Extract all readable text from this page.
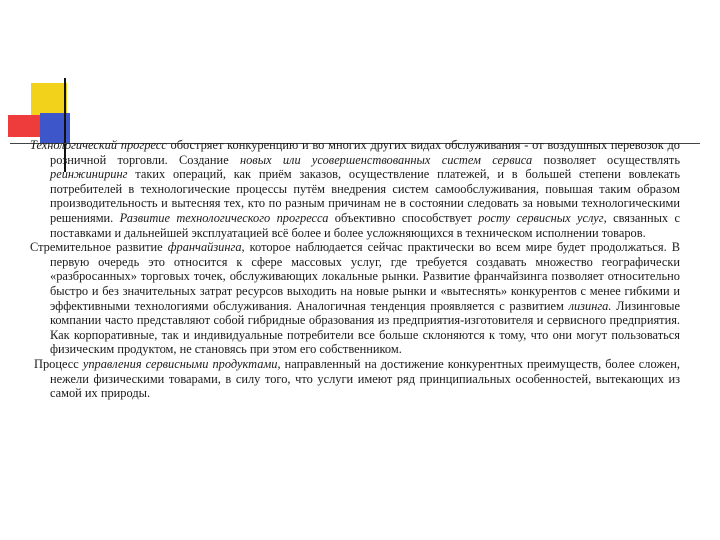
Технологический прогресс обостряет конкуренцию и во многих других видах обслуживания - от воздушных перевозок до розничной торговли. Создание новых или усовершенствованных систем сервиса позволяет осуществлять реинжиниринг таких операций, как приём заказов, осуществление платежей, и в большей степени вовлекать потребителей в технологические процессы путём внедрения систем самообслуживания, повышая таким образом производительность и вытесняя тех, кто по разным причинам не в состоянии следовать за новыми технологическими решениями. Развитие технологического прогресса объективно способствует росту сервисных услуг, связанных с поставками и дальнейшей эксплуатацией всё более и более усложняющихся в техническом исполнении товаров.

Стремительное развитие франчайзинга, которое наблюдается сейчас практически во всем мире будет продолжаться. В первую очередь это относится к сфере массовых услуг, где требуется создавать множество географически «разбросанных» торговых точек, обслуживающих локальные рынки. Развитие франчайзинга позволяет относительно быстро и без значительных затрат ресурсов выходить на новые рынки и «вытеснять» конкурентов с менее гибкими и эффективными технологиями обслуживания. Аналогичная тенденция проявляется с развитием лизинга. Лизинговые компании часто представляют собой гибридные образования из предприятия-изготовителя и сервисного предприятия. Как корпоративные, так и индивидуальные потребители все больше склоняются к тому, что они могут пользоваться физическим продуктом, не становясь при этом его собственником.

Процесс управления сервисными продуктами, направленный на достижение конкурентных преимуществ, более сложен, нежели физическими товарами, в силу того, что услуги имеют ряд принципиальных особенностей, вытекающих из самой их природы.
